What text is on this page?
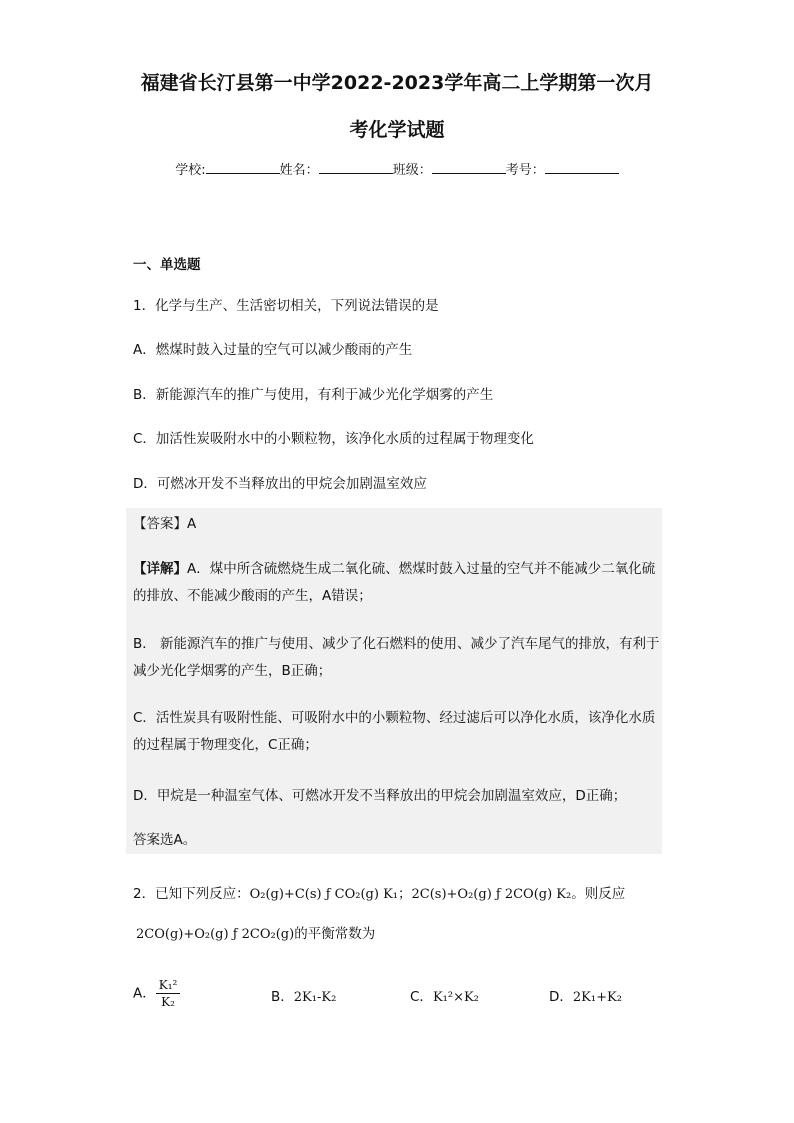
福建省长汀县第一中学2022-2023学年高二上学期第一次月
考化学试题
学校:	姓名：	班级：	考号：
一、单选题
1．化学与生产、生活密切相关，下列说法错误的是
A．燃煤时鼓入过量的空气可以减少酸雨的产生
B．新能源汽车的推广与使用，有利于减少光化学烟雾的产生
C．加活性炭吸附水中的小颗粒物，该净化水质的过程属于物理变化
D．可燃冰开发不当释放出的甲烷会加剧温室效应
【答案】A
【详解】A．煤中所含硫燃烧生成二氧化硫、燃煤时鼓入过量的空气并不能减少二氧化硫的排放、不能减少酸雨的产生，A错误；
B． 新能源汽车的推广与使用、减少了化石燃料的使用、减少了汽车尾气的排放，有利于减少光化学烟雾的产生，B正确；
C．活性炭具有吸附性能、可吸附水中的小颗粒物、经过滤后可以净化水质，该净化水质的过程属于物理变化，C正确；
D．甲烷是一种温室气体、可燃冰开发不当释放出的甲烷会加剧温室效应，D正确；
答案选A。
2．已知下列反应：O₂(g)+C(s) ƒ CO₂(g) K₁；2C(s)+O₂(g) ƒ 2CO(g) K₂。则反应
2CO(g)+O₂(g) ƒ 2CO₂(g)的平衡常数为
A． $\frac{\text{K₁²}}{\text{K₂}}$	B．2K₁-K₂	C．K₁²×K₂	D．2K₁+K₂
